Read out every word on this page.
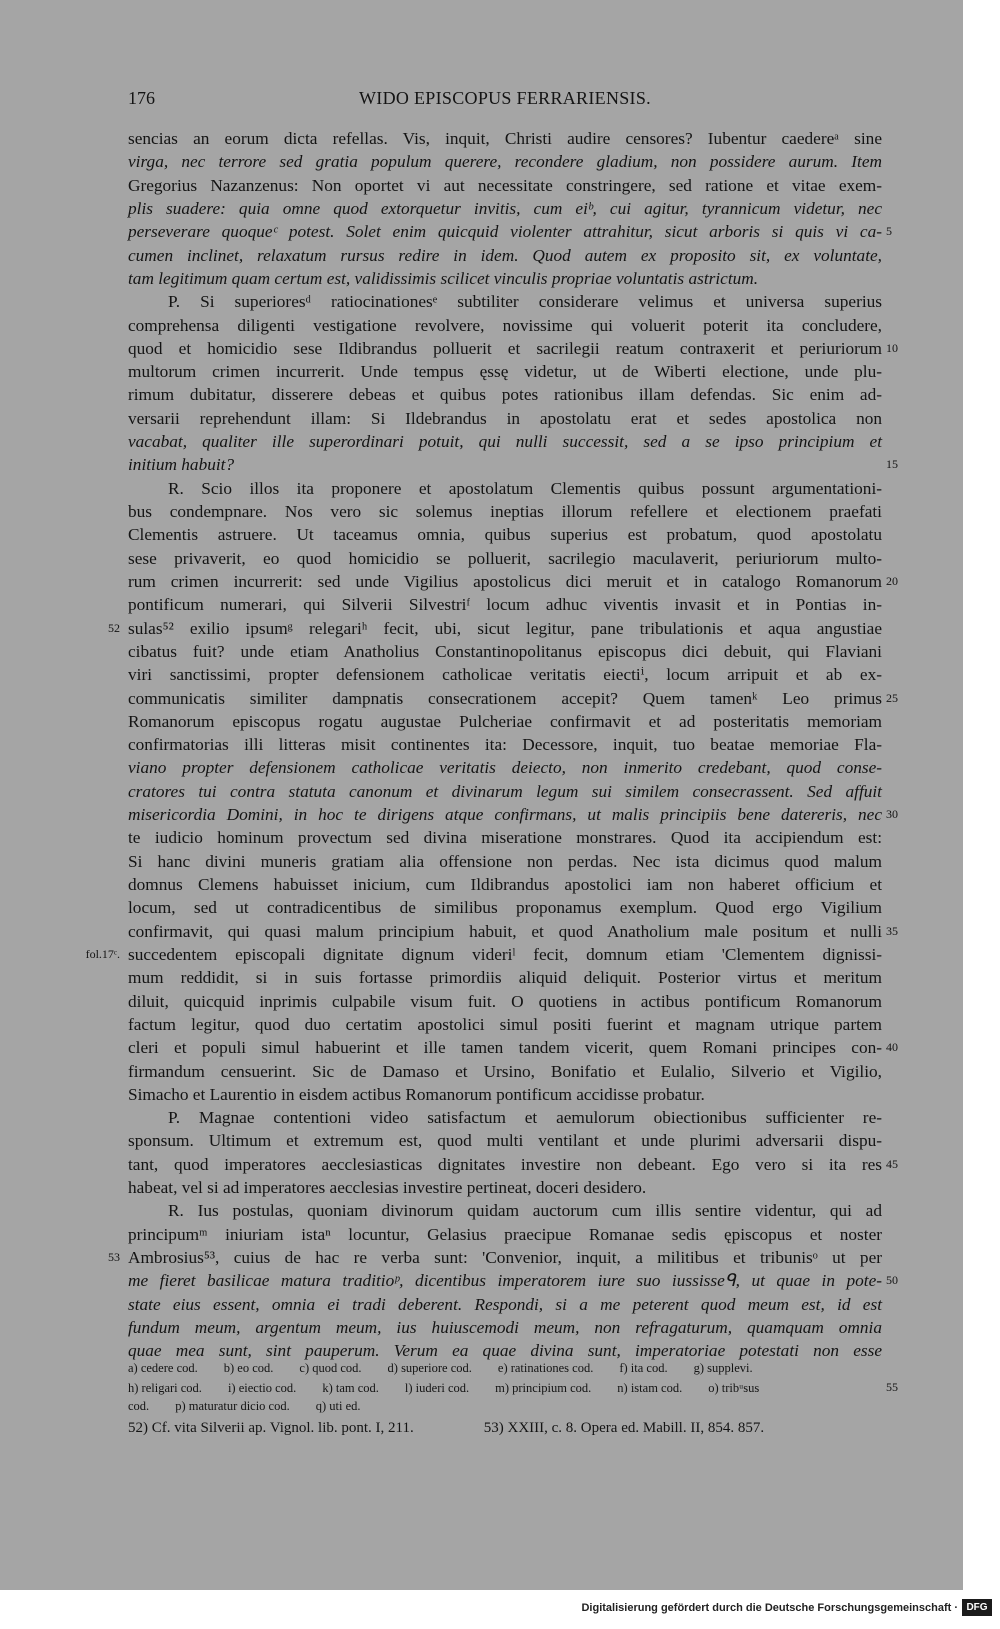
176	WIDO EPISCOPUS FERRARIENSIS.
sencias an eorum dicta refellas. Vis, inquit, Christi audire censores? Iubentur caedereᵃ sine
virga, nec terrore sed gratia populum querere, recondere gladium, non possidere aurum. Item
Gregorius Nazanzenus: Non oportet vi aut necessitate constringere, sed ratione et vitae exem-
plis suadere: quia omne quod extorquetur invitis, cum eiᵇ, cui agitur, tyrannicum videtur, nec
perseverare quoqueᶜ potest. Solet enim quicquid violenter attrahitur, sicut arboris si quis vi ca- 5
cumen inclinet, relaxatum rursus redire in idem. Quod autem ex proposito sit, ex voluntate,
tam legitimum quam certum est, validissimis scilicet vinculis propriae voluntatis astrictum.
P. Si superioresᵈ ratiocinationesᵉ subtiliter considerare velimus et universa superius
comprehensa diligenti vestigatione revolvere, novissime qui voluerit poterit ita concludere,
quod et homicidio sese Ildibrandus polluerit et sacrilegii reatum contraxerit et periuriorum 10
multorum crimen incurrerit. Unde tempus ęssę videtur, ut de Wiberti electione, unde plu-
rimum dubitatur, disserere debeas et quibus potes rationibus illam defendas. Sic enim ad-
versarii reprehendunt illam: Si Ildebrandus in apostolatu erat et sedes apostolica non
vacabat, qualiter ille superordinari potuit, qui nulli successit, sed a se ipso principium et
initium habuit?	15
R. Scio illos ita proponere et apostolatum Clementis quibus possunt argumentationi-
bus condempnare. Nos vero sic solemus ineptias illorum refellere et electionem praefati
Clementis astruere. Ut taceamus omnia, quibus superius est probatum, quod apostolatu
sese privaverit, eo quod homicidio se polluerit, sacrilegio maculaverit, periuriorum multo-
rum crimen incurrerit: sed unde Vigilius apostolicus dici meruit et in catalogo Romanorum 20
pontificum numerari, qui Silverii Silvestriᶠ locum adhuc viventis invasit et in Pontias in-
sulas⁵² exilio ipsumᵍ relegariʰ fecit, ubi, sicut legitur, pane tribulationis et aqua angustiae
52
cibatus fuit? unde etiam Anatholius Constantinopolitanus episcopus dici debuit, qui Flaviani
viri sanctissimi, propter defensionem catholicae veritatis eiectiⁱ, locum arripuit et ab ex-
communicatis similiter dampnatis consecrationem accepit? Quem tamenᵏ Leo primus 25
Romanorum episcopus rogatu augustae Pulcheriae confirmavit et ad posteritatis memoriam
confirmatorias illi litteras misit continentes ita: Decessore, inquit, tuo beatae memoriae Fla-
viano propter defensionem catholicae veritatis deiecto, non inmerito credebant, quod conse-
cratores tui contra statuta canonum et divinarum legum sui similem consecrassent. Sed affuit
misericordia Domini, in hoc te dirigens atque confirmans, ut malis principiis bene datereris, nec 30
te iudicio hominum provectum sed divina miseratione monstrares. Quod ita accipiendum est:
Si hanc divini muneris gratiam alia offensione non perdas. Nec ista dicimus quod malum
domnus Clemens habuisset inicium, cum Ildibrandus apostolici iam non haberet officium et
locum, sed ut contradicentibus de similibus proponamus exemplum. Quod ergo Vigilium
confirmavit, qui quasi malum principium habuit, et quod Anatholium male positum et nulli 35
succedentem episcopali dignitate dignum videriˡ fecit, domnum etiam 'Clementem dignissi-
fol.17ᶜ.
mum reddidit, si in suis fortasse primordiis aliquid deliquit. Posterior virtus et meritum
diluit, quicquid inprimis culpabile visum fuit. O quotiens in actibus pontificum Romanorum
factum legitur, quod duo certatim apostolici simul positi fuerint et magnam utrique partem
cleri et populi simul habuerint et ille tamen tandem vicerit, quem Romani principes con- 40
firmandum censuerint. Sic de Damaso et Ursino, Bonifatio et Eulalio, Silverio et Vigilio,
Simacho et Laurentio in eisdem actibus Romanorum pontificum accidisse probatur.
P. Magnae contentioni video satisfactum et aemulorum obiectionibus sufficienter re-
sponsum. Ultimum et extremum est, quod multi ventilant et unde plurimi adversarii dispu-
tant, quod imperatores aecclesiasticas dignitates investire non debeant. Ego vero si ita res 45
habeat, vel si ad imperatores aecclesias investire pertineat, doceri desidero.
R. Ius postulas, quoniam divinorum quidam auctorum cum illis sentire videntur, qui ad
principumᵐ iniuriam istaⁿ locuntur, Gelasius praecipue Romanae sedis ępiscopus et noster
Ambrosius⁵³, cuius de hac re verba sunt: 'Convenior, inquit, a militibus et tribunisᵒ ut per
53
me fieret basilicae matura traditioᵖ, dicentibus imperatorem iure suo iussisseᑫ, ut quae in pote- 50
state eius essent, omnia ei tradi deberent. Respondi, si a me peterent quod meum est, id est
fundum meum, argentum meum, ius huiuscemodi meum, non refragaturum, quamquam omnia
quae mea sunt, sint pauperum. Verum ea quae divina sunt, imperatoriae potestati non esse
a) cedere cod. b) eo cod. c) quod cod. d) superiore cod. e) ratinationes cod. f) ita cod. g) supplevi.
h) religari cod. i) eiectio cod. k) tam cod. l) iuderi cod. m) principium cod. n) istam cod. o) tribᵘsus	55
cod. p) maturatur dicio cod. q) uti ed.
52) Cf. vita Silverii ap. Vignol. lib. pont. I, 211.	53) XXIII, c. 8. Opera ed. Mabill. II, 854. 857.
Digitalisierung gefördert durch die Deutsche Forschungsgemeinschaft · DFG
